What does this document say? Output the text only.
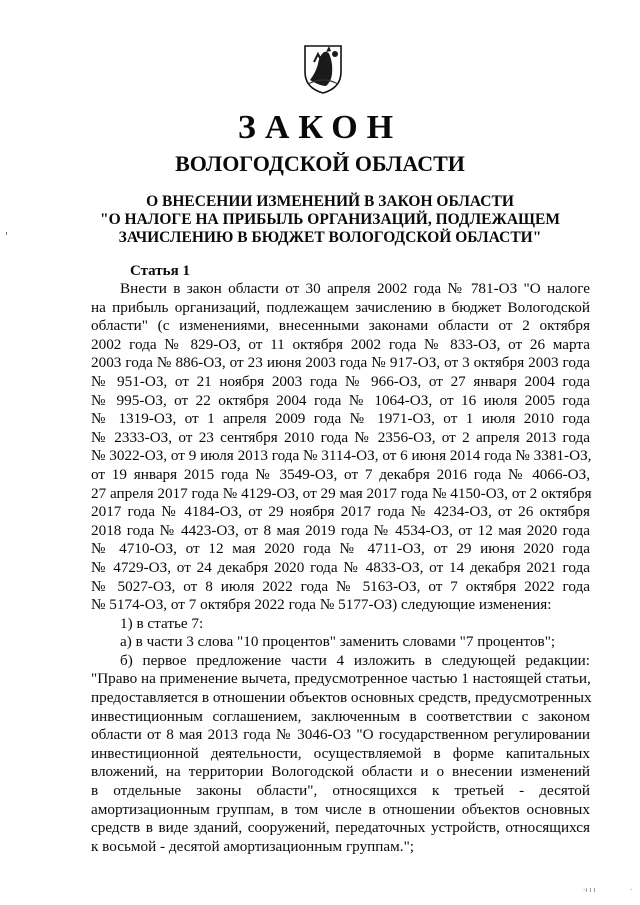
ЗАКОН
ВОЛОГОДСКОЙ ОБЛАСТИ
О ВНЕСЕНИИ ИЗМЕНЕНИЙ В ЗАКОН ОБЛАСТИ
"О НАЛОГЕ НА ПРИБЫЛЬ ОРГАНИЗАЦИЙ, ПОДЛЕЖАЩЕМ
ЗАЧИСЛЕНИЮ В БЮДЖЕТ ВОЛОГОДСКОЙ ОБЛАСТИ"
Статья 1
Внести в закон области от 30 апреля 2002 года № 781-ОЗ "О налоге
на прибыль организаций, подлежащем зачислению в бюджет Вологодской
области" (с изменениями, внесенными законами области от 2 октября
2002 года № 829-ОЗ, от 11 октября 2002 года № 833-ОЗ, от 26 марта
2003 года № 886-ОЗ, от 23 июня 2003 года № 917-ОЗ, от 3 октября 2003 года
№ 951-ОЗ, от 21 ноября 2003 года № 966-ОЗ, от 27 января 2004 года
№ 995-ОЗ, от 22 октября 2004 года № 1064-ОЗ, от 16 июля 2005 года
№ 1319-ОЗ, от 1 апреля 2009 года № 1971-ОЗ, от 1 июля 2010 года
№ 2333-ОЗ, от 23 сентября 2010 года № 2356-ОЗ, от 2 апреля 2013 года
№ 3022-ОЗ, от 9 июля 2013 года № 3114-ОЗ, от 6 июня 2014 года № 3381-ОЗ,
от 19 января 2015 года № 3549-ОЗ, от 7 декабря 2016 года № 4066-ОЗ,
27 апреля 2017 года № 4129-ОЗ, от 29 мая 2017 года № 4150-ОЗ, от 2 октября
2017 года № 4184-ОЗ, от 29 ноября 2017 года № 4234-ОЗ, от 26 октября
2018 года № 4423-ОЗ, от 8 мая 2019 года № 4534-ОЗ, от 12 мая 2020 года
№ 4710-ОЗ, от 12 мая 2020 года № 4711-ОЗ, от 29 июня 2020 года
№ 4729-ОЗ, от 24 декабря 2020 года № 4833-ОЗ, от 14 декабря 2021 года
№ 5027-ОЗ, от 8 июля 2022 года № 5163-ОЗ, от 7 октября 2022 года
№ 5174-ОЗ, от 7 октября 2022 года № 5177-ОЗ) следующие изменения:
1) в статье 7:
а) в части 3 слова "10 процентов" заменить словами "7 процентов";
б) первое предложение части 4 изложить в следующей редакции:
"Право на применение вычета, предусмотренное частью 1 настоящей статьи,
предоставляется в отношении объектов основных средств, предусмотренных
инвестиционным соглашением, заключенным в соответствии с законом
области от 8 мая 2013 года № 3046-ОЗ "О государственном регулировании
инвестиционной деятельности, осуществляемой в форме капитальных
вложений, на территории Вологодской области и о внесении изменений
в отдельные законы области", относящихся к третьей - десятой
амортизационным группам, в том числе в отношении объектов основных
средств в виде зданий, сооружений, передаточных устройств, относящихся
к восьмой - десятой амортизационным группам.";
·ı ı ı	·
